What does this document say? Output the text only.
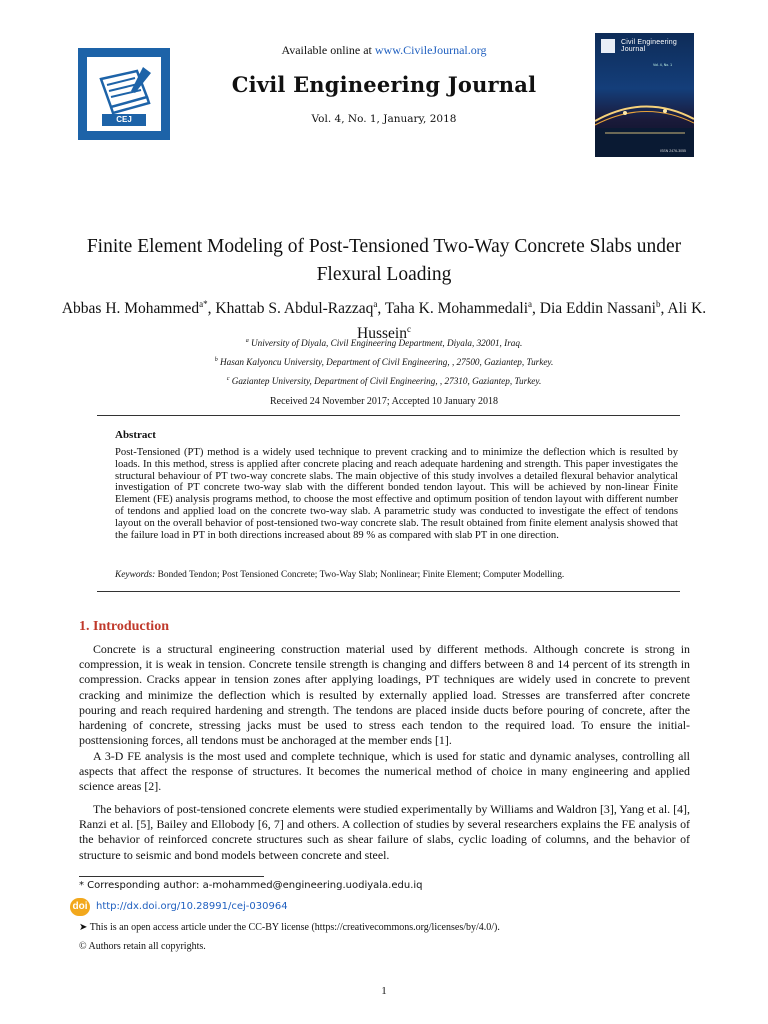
CEJ
Available online at www.CivileJournal.org
Civil Engineering Journal
Vol. 4, No. 1, January, 2018
Civil Engineering
Journal
Vol. 4, No. 1
ISSN 2476-3055
Finite Element Modeling of Post-Tensioned Two-Way Concrete Slabs under Flexural Loading
Abbas H. Mohammed$^{a*}$, Khattab S. Abdul-Razzaq$^a$, Taha K. Mohammedali$^a$, Dia Eddin Nassani$^b$, Ali K. Hussein$^c$
$^a$ University of Diyala, Civil Engineering Department, Diyala, 32001, Iraq.
$^b$ Hasan Kalyoncu University, Department of Civil Engineering, , 27500, Gaziantep, Turkey.
$^c$ Gaziantep University, Department of Civil Engineering, , 27310, Gaziantep, Turkey.
Received 24 November 2017; Accepted 10 January 2018
Abstract
Post-Tensioned (PT) method is a widely used technique to prevent cracking and to minimize the deflection which is resulted by loads. In this method, stress is applied after concrete placing and reach adequate hardening and strength. This paper investigates the structural behaviour of PT two-way concrete slabs. The main objective of this study involves a detailed flexural behavior analytical investigation of PT concrete two-way slab with the different bonded tendon layout. This will be achieved by non-linear Finite Element (FE) analysis programs method, to choose the most effective and optimum position of tendon layout with different number of tendons and applied load on the concrete two-way slab. A parametric study was conducted to investigate the effect of tendons layout on the overall behavior of post-tensioned two-way concrete slab. The result obtained from finite element analysis showed that the failure load in PT in both directions increased about 89 % as compared with slab PT in one direction.
Keywords: Bonded Tendon; Post Tensioned Concrete; Two-Way Slab; Nonlinear; Finite Element; Computer Modelling.
1. Introduction
Concrete is a structural engineering construction material used by different methods. Although concrete is strong in compression, it is weak in tension. Concrete tensile strength is changing and differs between 8 and 14 percent of its strength in compression. Cracks appear in tension zones after applying loadings, PT techniques are widely used in concrete to prevent cracking and minimize the deflection which is resulted by externally applied load. Stresses are transferred after concrete pouring and reach required hardening and strength. The tendons are placed inside ducts before pouring of concrete, after the hardening of concrete, stressing jacks must be used to stress each tendon to the required load. To ensure the initial-posttensioning forces, all tendons must be anchoraged at the member ends [1].
A 3-D FE analysis is the most used and complete technique, which is used for static and dynamic analyses, controlling all aspects that affect the response of structures. It becomes the numerical method of choice in many engineering and applied science areas [2].
The behaviors of post-tensioned concrete elements were studied experimentally by Williams and Waldron [3], Yang et al. [4], Ranzi et al. [5], Bailey and Ellobody [6, 7] and others. A collection of studies by several researchers explains the FE analysis of the behavior of reinforced concrete structures such as shear failure of slabs, cyclic loading of columns, and the behavior of structure to seismic and bond models between concrete and steel.
* Corresponding author: a-mohammed@engineering.uodiyala.edu.iq
doi http://dx.doi.org/10.28991/cej-030964
➤ This is an open access article under the CC-BY license (https://creativecommons.org/licenses/by/4.0/).
© Authors retain all copyrights.
1
